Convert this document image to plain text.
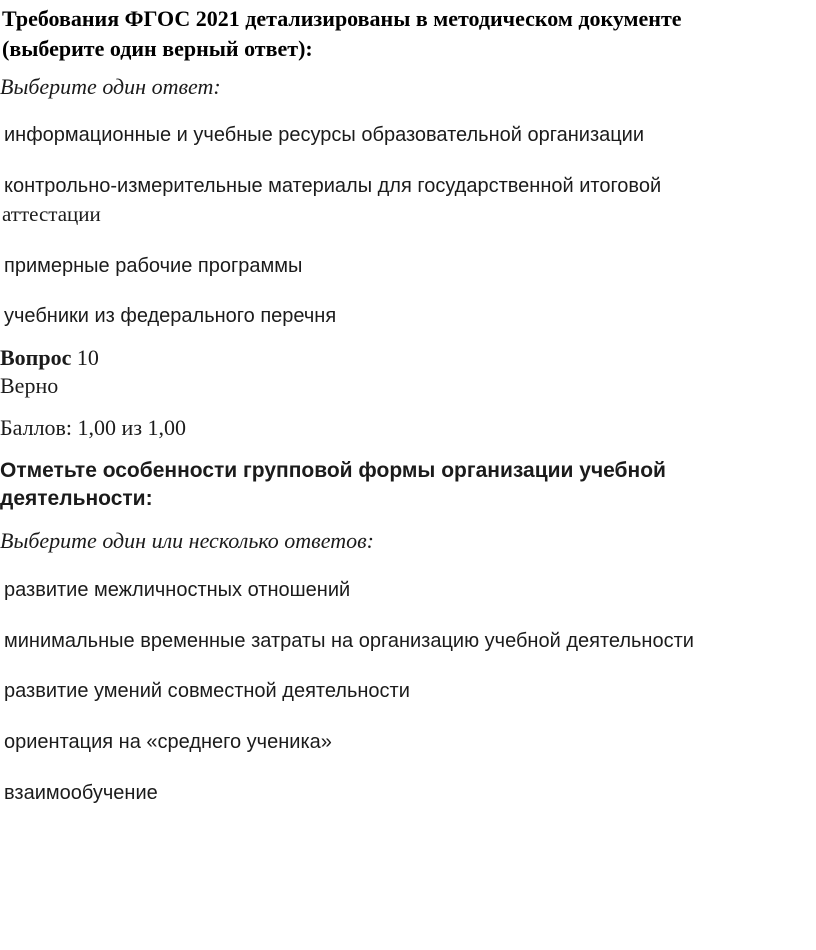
Требования ФГОС 2021 детализированы в методическом документе
(выберите один верный ответ):
Выберите один ответ:
информационные и учебные ресурсы образовательной организации
контрольно-измерительные материалы для государственной итоговой
аттестации
примерные рабочие программы
учебники из федерального перечня
Вопрос 10
Верно
Баллов: 1,00 из 1,00
Отметьте особенности групповой формы организации учебной
деятельности:
Выберите один или несколько ответов:
развитие межличностных отношений
минимальные временные затраты на организацию учебной деятельности
развитие умений совместной деятельности
ориентация на «среднего ученика»
взаимообучение
